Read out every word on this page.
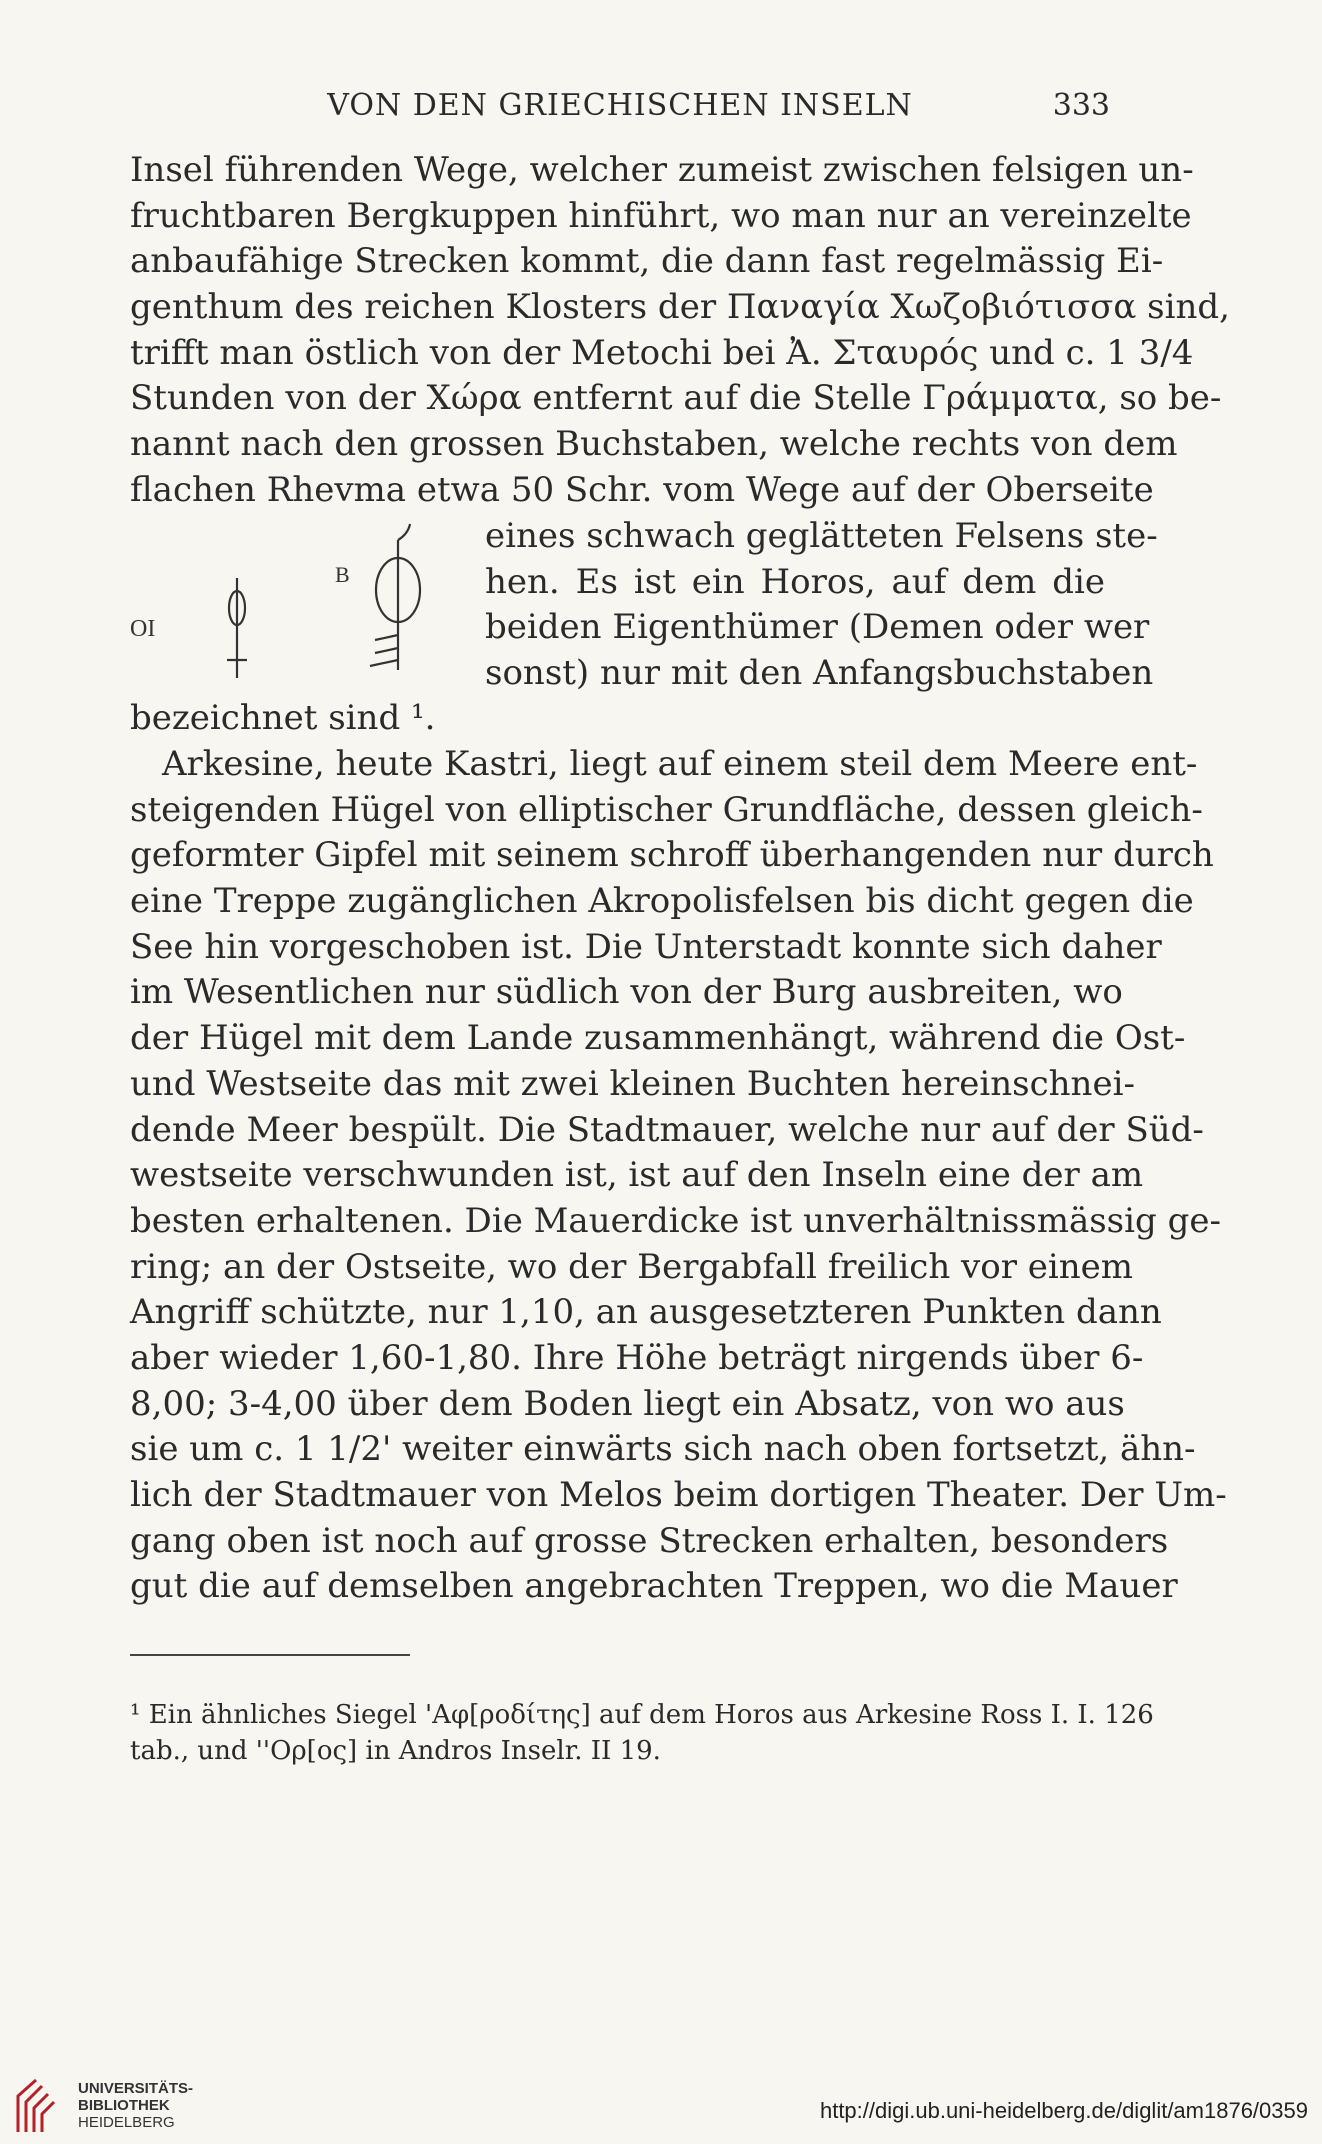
VON DEN GRIECHISCHEN INSELN	333
Insel führenden Wege, welcher zumeist zwischen felsigen un-
fruchtbaren Bergkuppen hinführt, wo man nur an vereinzelte
anbaufähige Strecken kommt, die dann fast regelmässig Ei-
genthum des reichen Klosters der Παναγία Χωζοβιότισσα sind,
trifft man östlich von der Metochi bei Ἀ. Σταυρός und c. 1 3/4
Stunden von der Χώρα entfernt auf die Stelle Γράμματα, so be-
nannt nach den grossen Buchstaben, welche rechts von dem
flachen Rhevma etwa 50 Schr. vom Wege auf der Oberseite
ΟΙ
Β
eines schwach geglätteten Felsens ste-
hen. Es ist ein Horos, auf dem die
beiden Eigenthümer (Demen oder wer
sonst) nur mit den Anfangsbuchstaben
bezeichnet sind ¹.
Arkesine, heute Kastri, liegt auf einem steil dem Meere ent-
steigenden Hügel von elliptischer Grundfläche, dessen gleich-
geformter Gipfel mit seinem schroff überhangenden nur durch
eine Treppe zugänglichen Akropolisfelsen bis dicht gegen die
See hin vorgeschoben ist. Die Unterstadt konnte sich daher
im Wesentlichen nur südlich von der Burg ausbreiten, wo
der Hügel mit dem Lande zusammenhängt, während die Ost-
und Westseite das mit zwei kleinen Buchten hereinschnei-
dende Meer bespült. Die Stadtmauer, welche nur auf der Süd-
westseite verschwunden ist, ist auf den Inseln eine der am
besten erhaltenen. Die Mauerdicke ist unverhältnissmässig ge-
ring; an der Ostseite, wo der Bergabfall freilich vor einem
Angriff schützte, nur 1,10, an ausgesetzteren Punkten dann
aber wieder 1,60-1,80. Ihre Höhe beträgt nirgends über 6-
8,00; 3-4,00 über dem Boden liegt ein Absatz, von wo aus
sie um c. 1 1/2' weiter einwärts sich nach oben fortsetzt, ähn-
lich der Stadtmauer von Melos beim dortigen Theater. Der Um-
gang oben ist noch auf grosse Strecken erhalten, besonders
gut die auf demselben angebrachten Treppen, wo die Mauer
¹ Ein ähnliches Siegel 'Αφ[ροδίτης] auf dem Horos aus Arkesine Ross I. I. 126
tab., und ''Ορ[ος] in Andros Inselr. II 19.
UNIVERSITÄTS-
BIBLIOTHEK
HEIDELBERG	http://digi.ub.uni-heidelberg.de/diglit/am1876/0359
